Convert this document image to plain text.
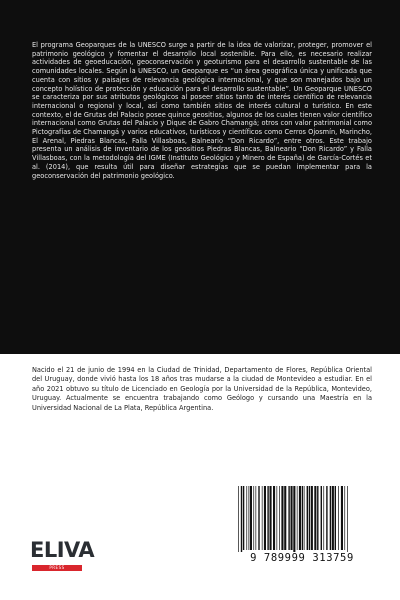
El programa Geoparques de la UNESCO surge a partir de la idea de valorizar, proteger, promover el patrimonio geológico y fomentar el desarrollo local sostenible. Para ello, es necesario realizar actividades de geoeducación, geoconservación y geoturismo para el desarrollo sustentable de las comunidades locales. Según la UNESCO, un Geoparque es “un área geográfica única y unificada que cuenta con sitios y paisajes de relevancia geológica internacional, y que son manejados bajo un concepto holístico de protección y educación para el desarrollo sustentable”. Un Geoparque UNESCO se caracteriza por sus atributos geológicos al poseer sitios tanto de interés científico de relevancia internacional o regional y local, así como también sitios de interés cultural o turístico. En este contexto, el de Grutas del Palacio posee quince geositios, algunos de los cuales tienen valor científico internacional como Grutas del Palacio y Dique de Gabro Chamangá; otros con valor patrimonial como Pictografías de Chamangá y varios educativos, turísticos y científicos como Cerros Ojosmín, Marincho, El Arenal, Piedras Blancas, Falla Villasboas, Balneario “Don Ricardo”, entre otros. Este trabajo presenta un análisis de inventario de los geositios Piedras Blancas, Balneario “Don Ricardo” y Falla Villasboas, con la metodología del IGME (Instituto Geológico y Minero de España) de García-Cortés et al. (2014), que resulta útil para diseñar estrategias que se puedan implementar para la geoconservación del patrimonio geológico.
Nacido el 21 de junio de 1994 en la Ciudad de Trinidad, Departamento de Flores, República Oriental del Uruguay, donde vivió hasta los 18 años tras mudarse a la ciudad de Montevideo a estudiar. En el año 2021 obtuvo su título de Licenciado en Geología por la Universidad de la República, Montevideo, Uruguay. Actualmente se encuentra trabajando como Geólogo y cursando una Maestría en la Universidad Nacional de La Plata, República Argentina.
ELIVA
PRESS
9 789999 313759
